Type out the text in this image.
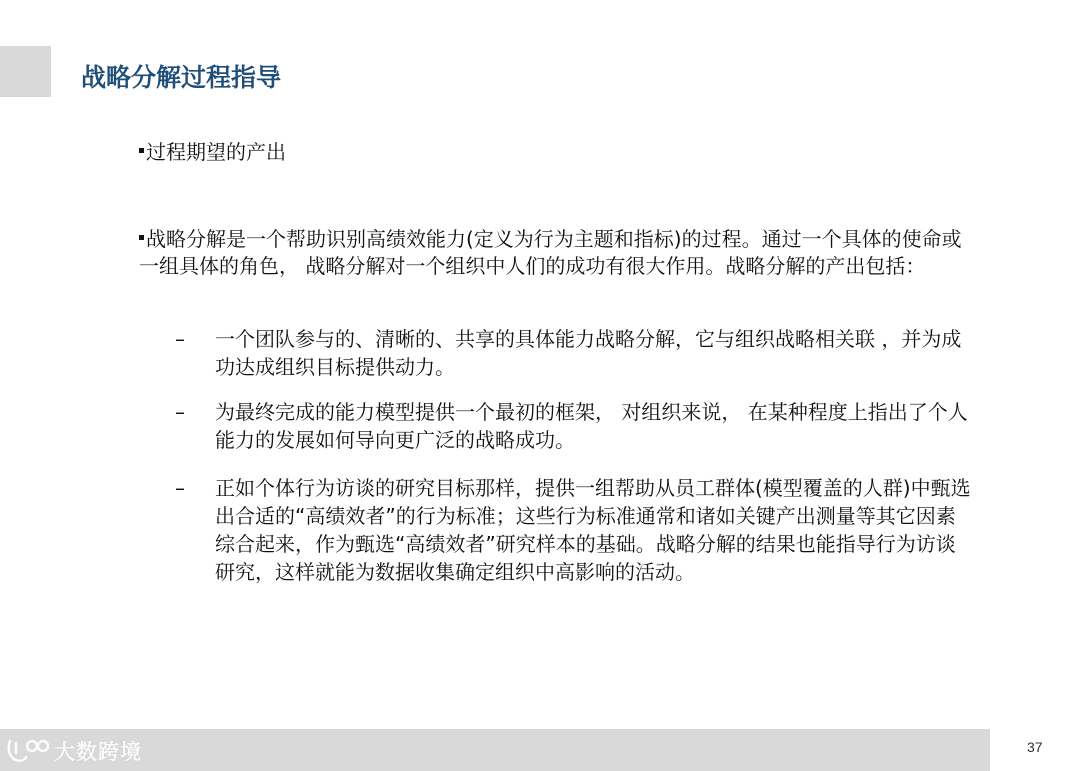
战略分解过程指导
过程期望的产出
战略分解是一个帮助识别高绩效能力(定义为行为主题和指标)的过程。通过一个具体的使命或一组具体的角色， 战略分解对一个组织中人们的成功有很大作用。战略分解的产出包括：
–	一个团队参与的、清晰的、共享的具体能力战略分解，它与组织战略相关联 ，并为成功达成组织目标提供动力。
–	为最终完成的能力模型提供一个最初的框架， 对组织来说， 在某种程度上指出了个人能力的发展如何导向更广泛的战略成功。
–	正如个体行为访谈的研究目标那样，提供一组帮助从员工群体(模型覆盖的人群)中甄选出合适的“高绩效者”的行为标准；这些行为标准通常和诸如关键产出测量等其它因素综合起来，作为甄选“高绩效者”研究样本的基础。战略分解的结果也能指导行为访谈研究，这样就能为数据收集确定组织中高影响的活动。
37
大数跨境
